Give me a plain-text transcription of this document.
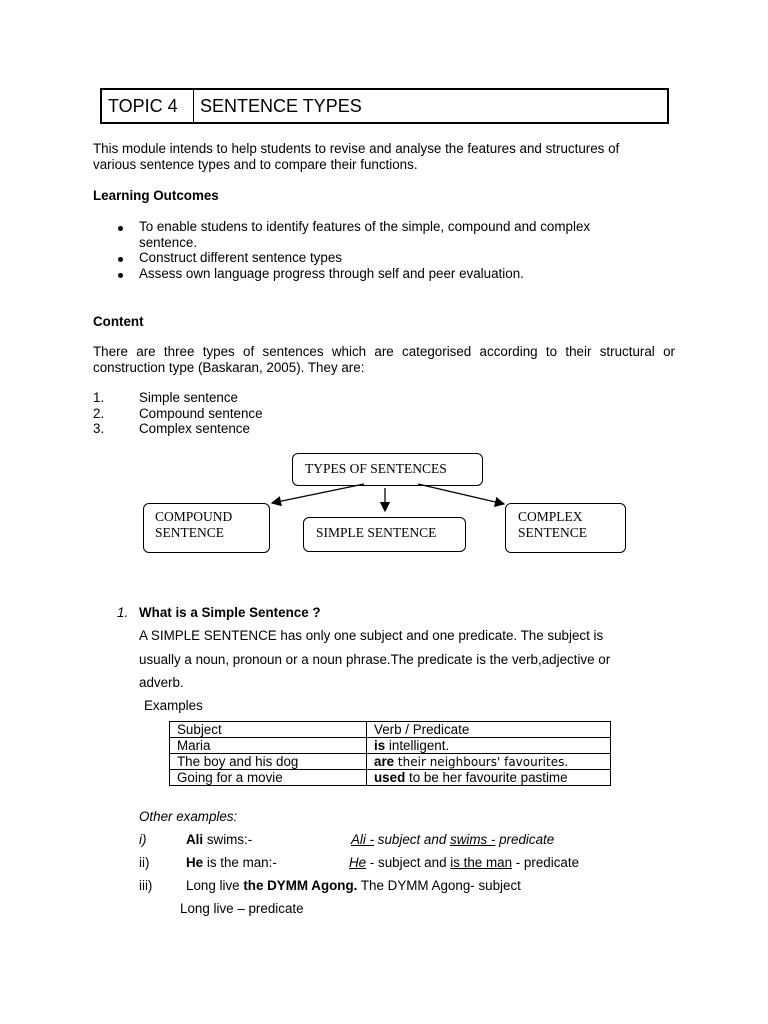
TOPIC 4	SENTENCE TYPES
This module intends to help students to revise and analyse the features and structures of
various sentence types and to compare their functions.
Learning Outcomes
To enable studens to identify features of the simple, compound and complex
sentence.
Construct different sentence types
Assess own language progress through self and peer evaluation.
Content
There are three types of sentences which are categorised according to their structural or
construction type (Baskaran, 2005). They are:
1.	Simple sentence
2.	Compound sentence
3.	Complex sentence
TYPES OF SENTENCES
COMPOUND
SENTENCE	SIMPLE SENTENCE
COMPLEX
SENTENCE
1. What is a Simple Sentence ?
A SIMPLE SENTENCE has only one subject and one predicate. The subject is
usually a noun, pronoun or a noun phrase.The predicate is the verb,adjective or
adverb.
Examples
Subject	Verb / Predicate
Maria	is intelligent.
The boy and his dog	are their neighbours' favourites.
Going for a movie	used to be her favourite pastime
Other examples:
i)	Ali swims:-	Ali - subject and swims - predicate
ii)	He is the man:-	He - subject and is the man - predicate
iii)	Long live the DYMM Agong. The DYMM Agong- subject
Long live – predicate
